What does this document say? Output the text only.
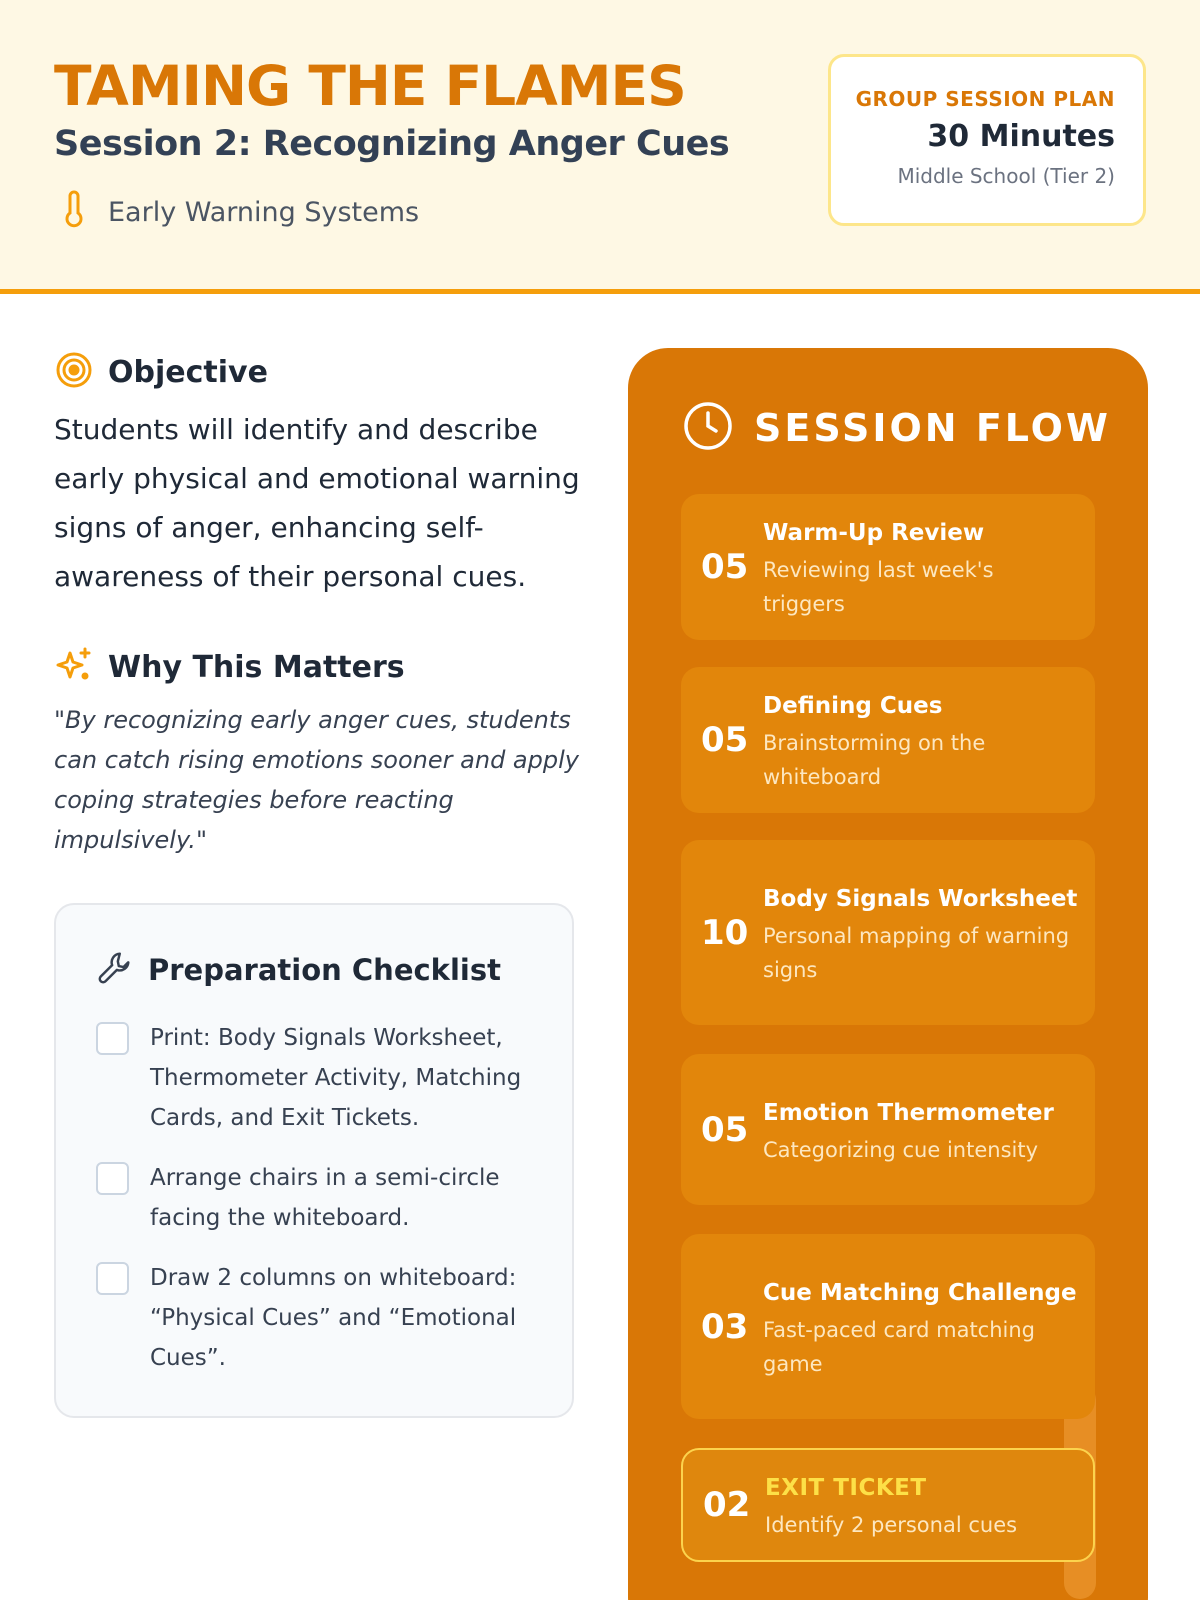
TAMING THE FLAMES
Session 2: Recognizing Anger Cues
Early Warning Systems
GROUP SESSION PLAN
30 Minutes
Middle School (Tier 2)
Objective
Students will identify and describe early physical and emotional warning signs of anger, enhancing self-awareness of their personal cues.
Why This Matters
"By recognizing early anger cues, students can catch rising emotions sooner and apply coping strategies before reacting impulsively."
Preparation Checklist
Print: Body Signals Worksheet, Thermometer Activity, Matching Cards, and Exit Tickets.
Arrange chairs in a semi-circle facing the whiteboard.
Draw 2 columns on whiteboard: “Physical Cues” and “Emotional Cues”.
SESSION FLOW
05
Warm-Up Review
Reviewing last week's triggers
05
Defining Cues
Brainstorming on the whiteboard
10
Body Signals Worksheet
Personal mapping of warning signs
05 Emotion Thermometer
Categorizing cue intensity
03
Cue Matching Challenge
Fast-paced card matching game
02 EXIT TICKET
Identify 2 personal cues
